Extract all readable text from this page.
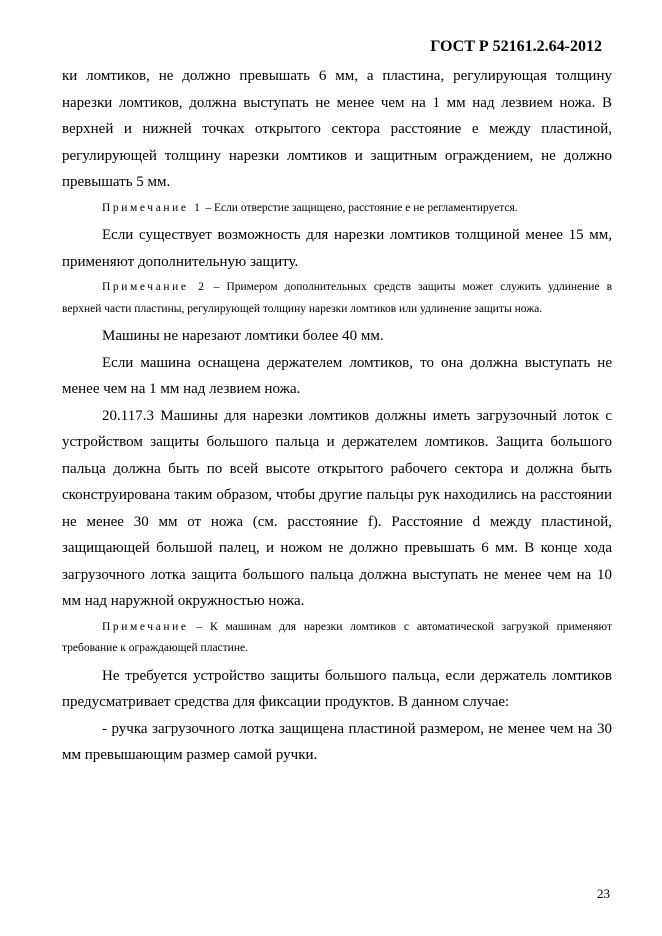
ГОСТ Р 52161.2.64-2012

ки ломтиков, не должно превышать 6 мм, а пластина, регулирующая толщину нарезки ломтиков, должна выступать не менее чем на 1 мм над лезвием ножа. В верхней и нижней точках открытого сектора расстояние e между пластиной, регулирующей толщину нарезки ломтиков и защитным ограждением, не должно превышать 5 мм.

Примечание 1 – Если отверстие защищено, расстояние e не регламентируется.

Если существует возможность для нарезки ломтиков толщиной менее 15 мм, применяют дополнительную защиту.

Примечание 2 – Примером дополнительных средств защиты может служить удлинение в верхней части пластины, регулирующей толщину нарезки ломтиков или удлинение защиты ножа.

Машины не нарезают ломтики более 40 мм.

Если машина оснащена держателем ломтиков, то она должна выступать не менее чем на 1 мм над лезвием ножа.

20.117.3 Машины для нарезки ломтиков должны иметь загрузочный лоток с устройством защиты большого пальца и держателем ломтиков. Защита большого пальца должна быть по всей высоте открытого рабочего сектора и должна быть сконструирована таким образом, чтобы другие пальцы рук находились на расстоянии не менее 30 мм от ножа (см. расстояние f). Расстояние d между пластиной, защищающей большой палец, и ножом не должно превышать 6 мм. В конце хода загрузочного лотка защита большого пальца должна выступать не менее чем на 10 мм над наружной окружностью ножа.

Примечание – К машинам для нарезки ломтиков с автоматической загрузкой применяют требование к ограждающей пластине.

Не требуется устройство защиты большого пальца, если держатель ломтиков предусматривает средства для фиксации продуктов. В данном случае:

- ручка загрузочного лотка защищена пластиной размером, не менее чем на 30 мм превышающим размер самой ручки.

23
